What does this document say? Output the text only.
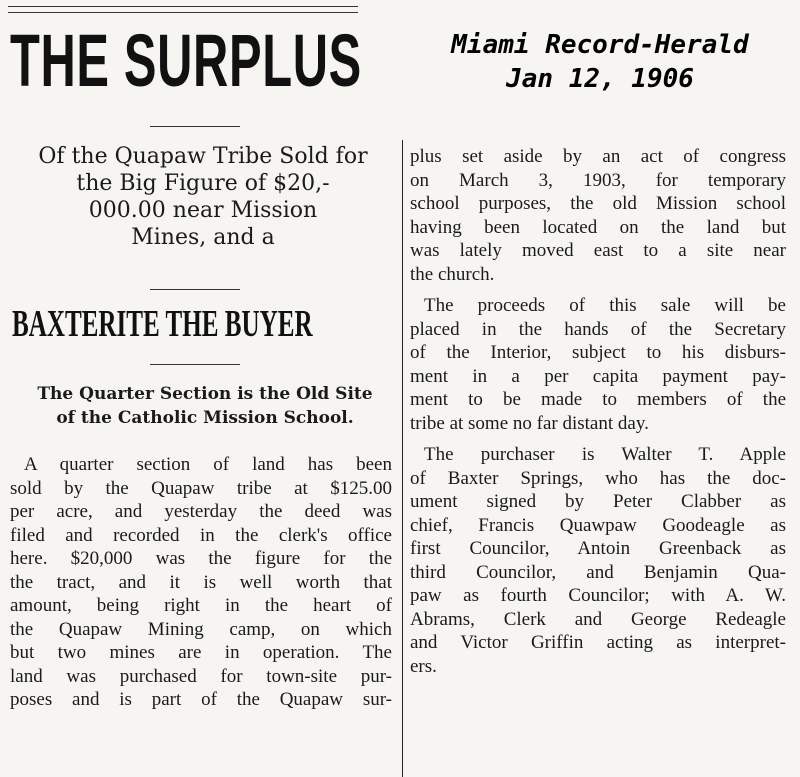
THE SURPLUS	Miami Record-Herald
Jan 12, 1906
Of the Quapaw Tribe Sold for
the Big Figure of $20,-
000.00 near Mission
Mines, and a
BAXTERITE THE BUYER
The Quarter Section is the Old Site
of the Catholic Mission School.
A quarter section of land has been
sold by the Quapaw tribe at $125.00
per acre, and yesterday the deed was
filed and recorded in the clerk's office
here. $20,000 was the figure for the
the tract, and it is well worth that
amount, being right in the heart of
the Quapaw Mining camp, on which
but two mines are in operation. The
land was purchased for town-site pur-
poses and is part of the Quapaw sur-
plus set aside by an act of congress
on March 3, 1903, for temporary
school purposes, the old Mission school
having been located on the land but
was lately moved east to a site near
the church.
The proceeds of this sale will be
placed in the hands of the Secretary
of the Interior, subject to his disburs-
ment in a per capita payment pay-
ment to be made to members of the
tribe at some no far distant day.
The purchaser is Walter T. Apple
of Baxter Springs, who has the doc-
ument signed by Peter Clabber as
chief, Francis Quawpaw Goodeagle as
first Councilor, Antoin Greenback as
third Councilor, and Benjamin Qua-
paw as fourth Councilor; with A. W.
Abrams, Clerk and George Redeagle
and Victor Griffin acting as interpret-
ers.
